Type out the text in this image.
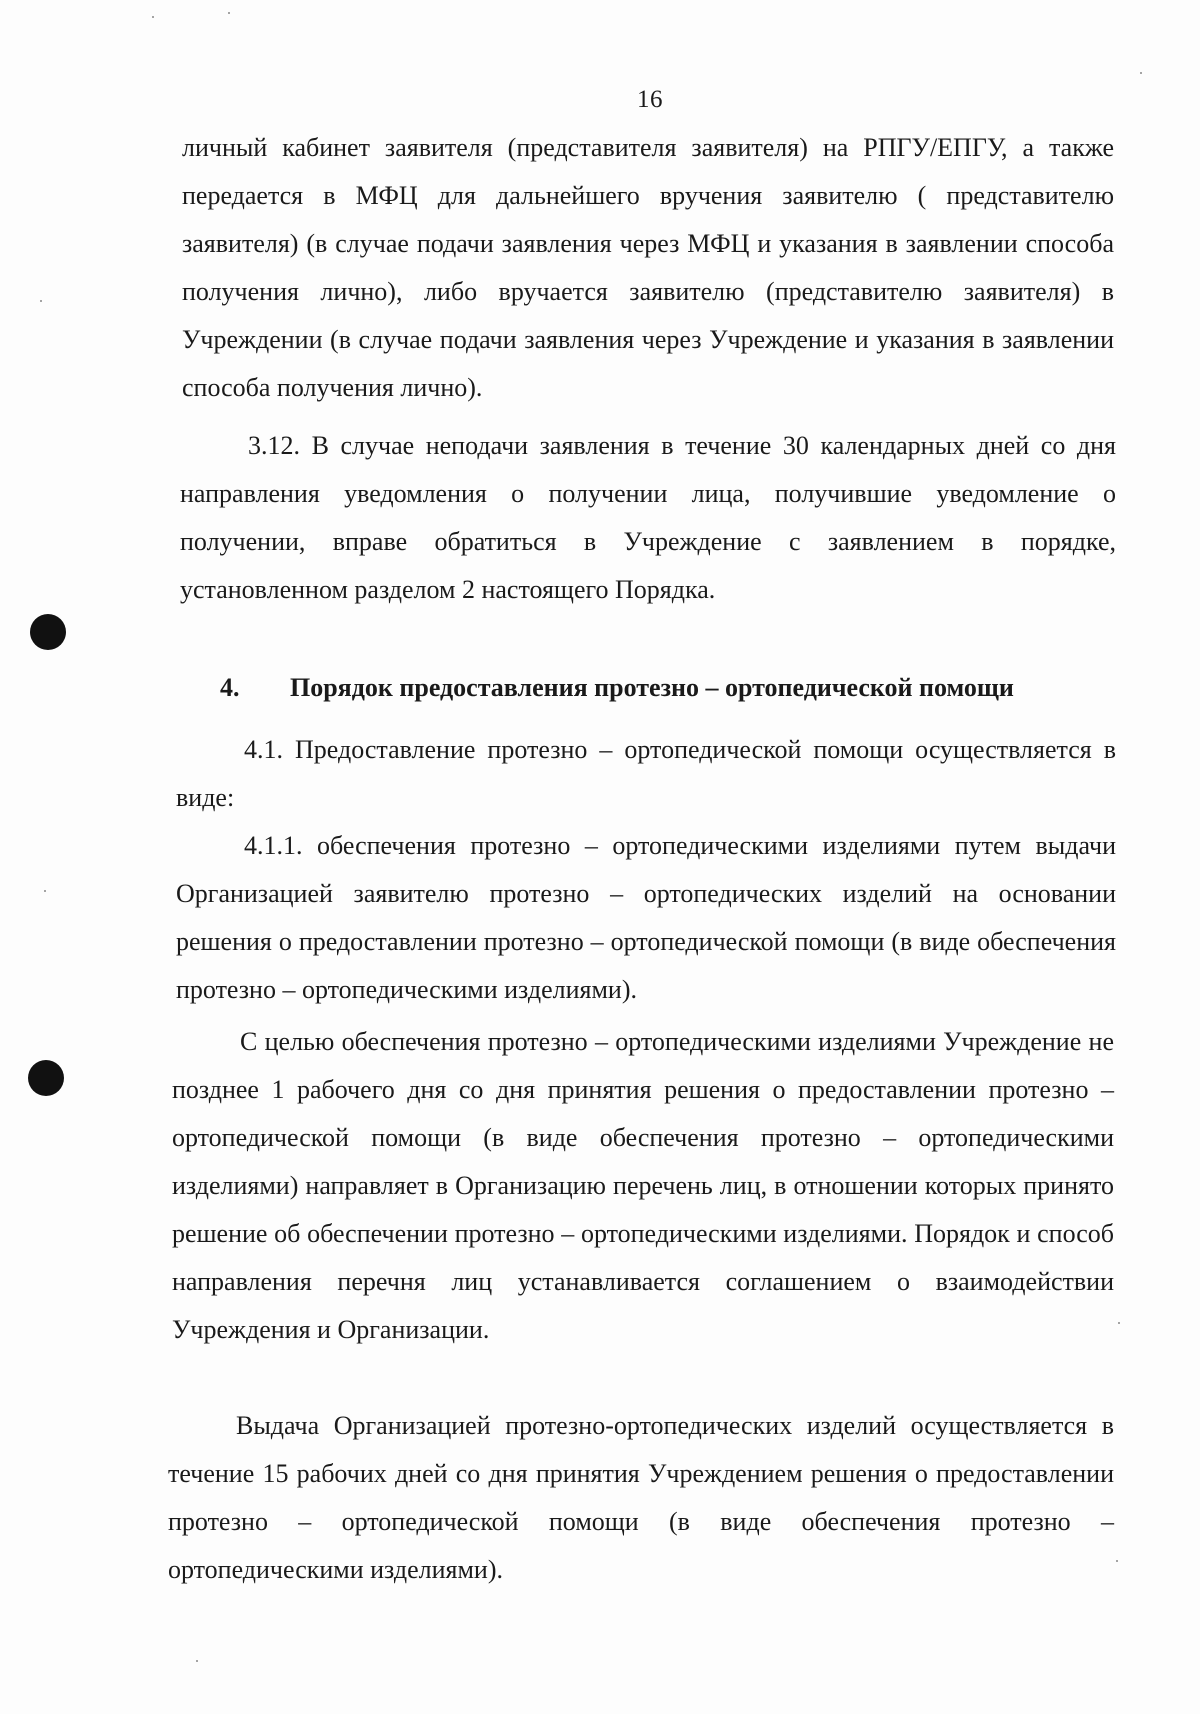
16

личный кабинет заявителя (представителя заявителя) на РПГУ/ЕПГУ, а также передается в МФЦ для дальнейшего вручения заявителю ( представителю заявителя) (в случае подачи заявления через МФЦ и указания в заявлении способа получения лично), либо вручается заявителю (представителю заявителя) в Учреждении (в случае подачи заявления через Учреждение и указания в заявлении способа получения лично).

3.12. В случае неподачи заявления в течение 30 календарных дней со дня направления уведомления о получении лица, получившие уведомление о получении, вправе обратиться в Учреждение с заявлением в порядке, установленном разделом 2 настоящего Порядка.

4. Порядок предоставления протезно – ортопедической помощи

4.1. Предоставление протезно – ортопедической помощи осуществляется в виде:

4.1.1. обеспечения протезно – ортопедическими изделиями путем выдачи Организацией заявителю протезно – ортопедических изделий на основании решения о предоставлении протезно – ортопедической помощи (в виде обеспечения протезно – ортопедическими изделиями).

С целью обеспечения протезно – ортопедическими изделиями Учреждение не позднее 1 рабочего дня со дня принятия решения о предоставлении протезно – ортопедической помощи (в виде обеспечения протезно – ортопедическими изделиями) направляет в Организацию перечень лиц, в отношении которых принято решение об обеспечении протезно – ортопедическими изделиями. Порядок и способ направления перечня лиц устанавливается соглашением о взаимодействии Учреждения и Организации.

Выдача Организацией протезно-ортопедических изделий осуществляется в течение 15 рабочих дней со дня принятия Учреждением решения о предоставлении протезно – ортопедической помощи (в виде обеспечения протезно – ортопедическими изделиями).
